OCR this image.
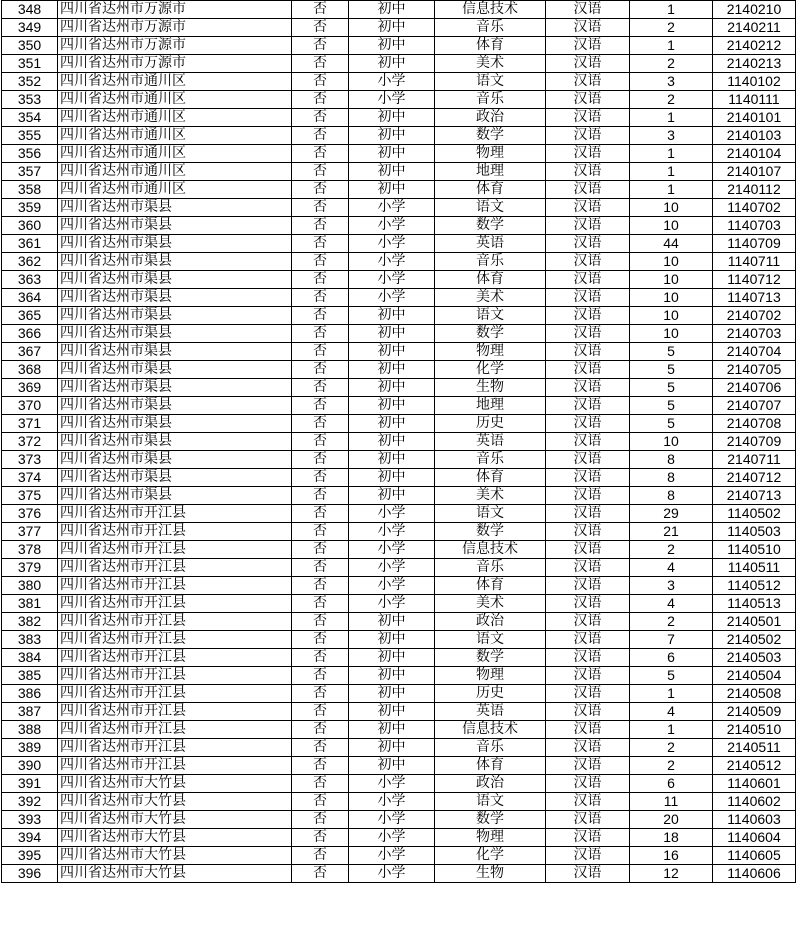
348	四川省达州市万源市	否	初中	信息技术	汉语	1	2140210
349	四川省达州市万源市	否	初中	音乐	汉语	2	2140211
350	四川省达州市万源市	否	初中	体育	汉语	1	2140212
351	四川省达州市万源市	否	初中	美术	汉语	2	2140213
352	四川省达州市通川区	否	小学	语文	汉语	3	1140102
353	四川省达州市通川区	否	小学	音乐	汉语	2	1140111
354	四川省达州市通川区	否	初中	政治	汉语	1	2140101
355	四川省达州市通川区	否	初中	数学	汉语	3	2140103
356	四川省达州市通川区	否	初中	物理	汉语	1	2140104
357	四川省达州市通川区	否	初中	地理	汉语	1	2140107
358	四川省达州市通川区	否	初中	体育	汉语	1	2140112
359	四川省达州市渠县	否	小学	语文	汉语	10	1140702
360	四川省达州市渠县	否	小学	数学	汉语	10	1140703
361	四川省达州市渠县	否	小学	英语	汉语	44	1140709
362	四川省达州市渠县	否	小学	音乐	汉语	10	1140711
363	四川省达州市渠县	否	小学	体育	汉语	10	1140712
364	四川省达州市渠县	否	小学	美术	汉语	10	1140713
365	四川省达州市渠县	否	初中	语文	汉语	10	2140702
366	四川省达州市渠县	否	初中	数学	汉语	10	2140703
367	四川省达州市渠县	否	初中	物理	汉语	5	2140704
368	四川省达州市渠县	否	初中	化学	汉语	5	2140705
369	四川省达州市渠县	否	初中	生物	汉语	5	2140706
370	四川省达州市渠县	否	初中	地理	汉语	5	2140707
371	四川省达州市渠县	否	初中	历史	汉语	5	2140708
372	四川省达州市渠县	否	初中	英语	汉语	10	2140709
373	四川省达州市渠县	否	初中	音乐	汉语	8	2140711
374	四川省达州市渠县	否	初中	体育	汉语	8	2140712
375	四川省达州市渠县	否	初中	美术	汉语	8	2140713
376	四川省达州市开江县	否	小学	语文	汉语	29	1140502
377	四川省达州市开江县	否	小学	数学	汉语	21	1140503
378	四川省达州市开江县	否	小学	信息技术	汉语	2	1140510
379	四川省达州市开江县	否	小学	音乐	汉语	4	1140511
380	四川省达州市开江县	否	小学	体育	汉语	3	1140512
381	四川省达州市开江县	否	小学	美术	汉语	4	1140513
382	四川省达州市开江县	否	初中	政治	汉语	2	2140501
383	四川省达州市开江县	否	初中	语文	汉语	7	2140502
384	四川省达州市开江县	否	初中	数学	汉语	6	2140503
385	四川省达州市开江县	否	初中	物理	汉语	5	2140504
386	四川省达州市开江县	否	初中	历史	汉语	1	2140508
387	四川省达州市开江县	否	初中	英语	汉语	4	2140509
388	四川省达州市开江县	否	初中	信息技术	汉语	1	2140510
389	四川省达州市开江县	否	初中	音乐	汉语	2	2140511
390	四川省达州市开江县	否	初中	体育	汉语	2	2140512
391	四川省达州市大竹县	否	小学	政治	汉语	6	1140601
392	四川省达州市大竹县	否	小学	语文	汉语	11	1140602
393	四川省达州市大竹县	否	小学	数学	汉语	20	1140603
394	四川省达州市大竹县	否	小学	物理	汉语	18	1140604
395	四川省达州市大竹县	否	小学	化学	汉语	16	1140605
396	四川省达州市大竹县	否	小学	生物	汉语	12	1140606
